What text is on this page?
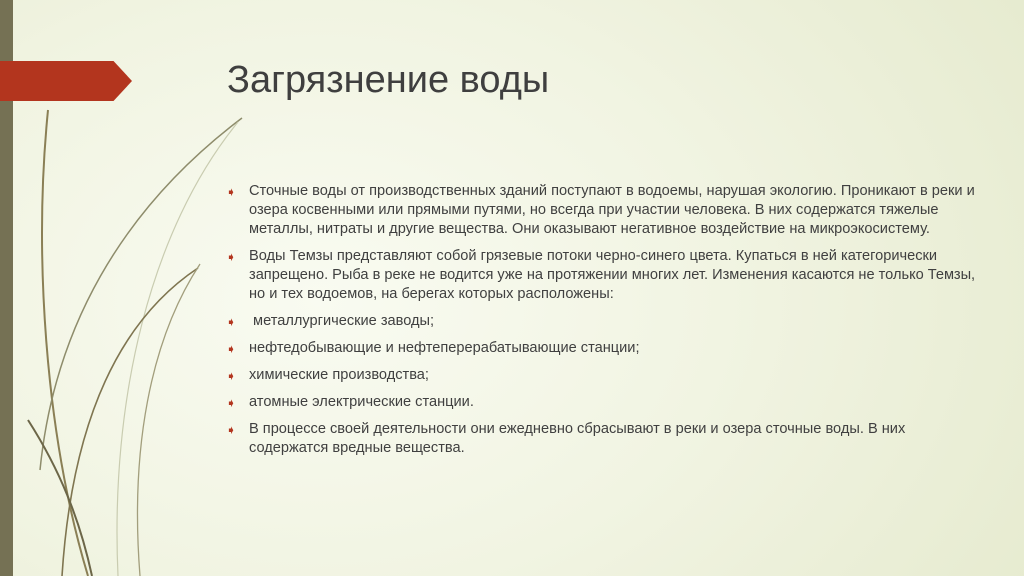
Загрязнение воды
➧ Сточные воды от производственных зданий поступают в водоемы, нарушая экологию. Проникают в реки и озера косвенными или прямыми путями, но всегда при участии человека. В них содержатся тяжелые металлы, нитраты и другие вещества. Они оказывают негативное воздействие на микроэкосистему.
➧ Воды Темзы представляют собой грязевые потоки черно-синего цвета. Купаться в ней категорически запрещено. Рыба в реке не водится уже на протяжении многих лет. Изменения касаются не только Темзы, но и тех водоемов, на берегах которых расположены:
➧ металлургические заводы;
➧ нефтедобывающие и нефтеперерабатывающие станции;
➧ химические производства;
➧ атомные электрические станции.
➧ В процессе своей деятельности они ежедневно сбрасывают в реки и озера сточные воды. В них содержатся вредные вещества.
